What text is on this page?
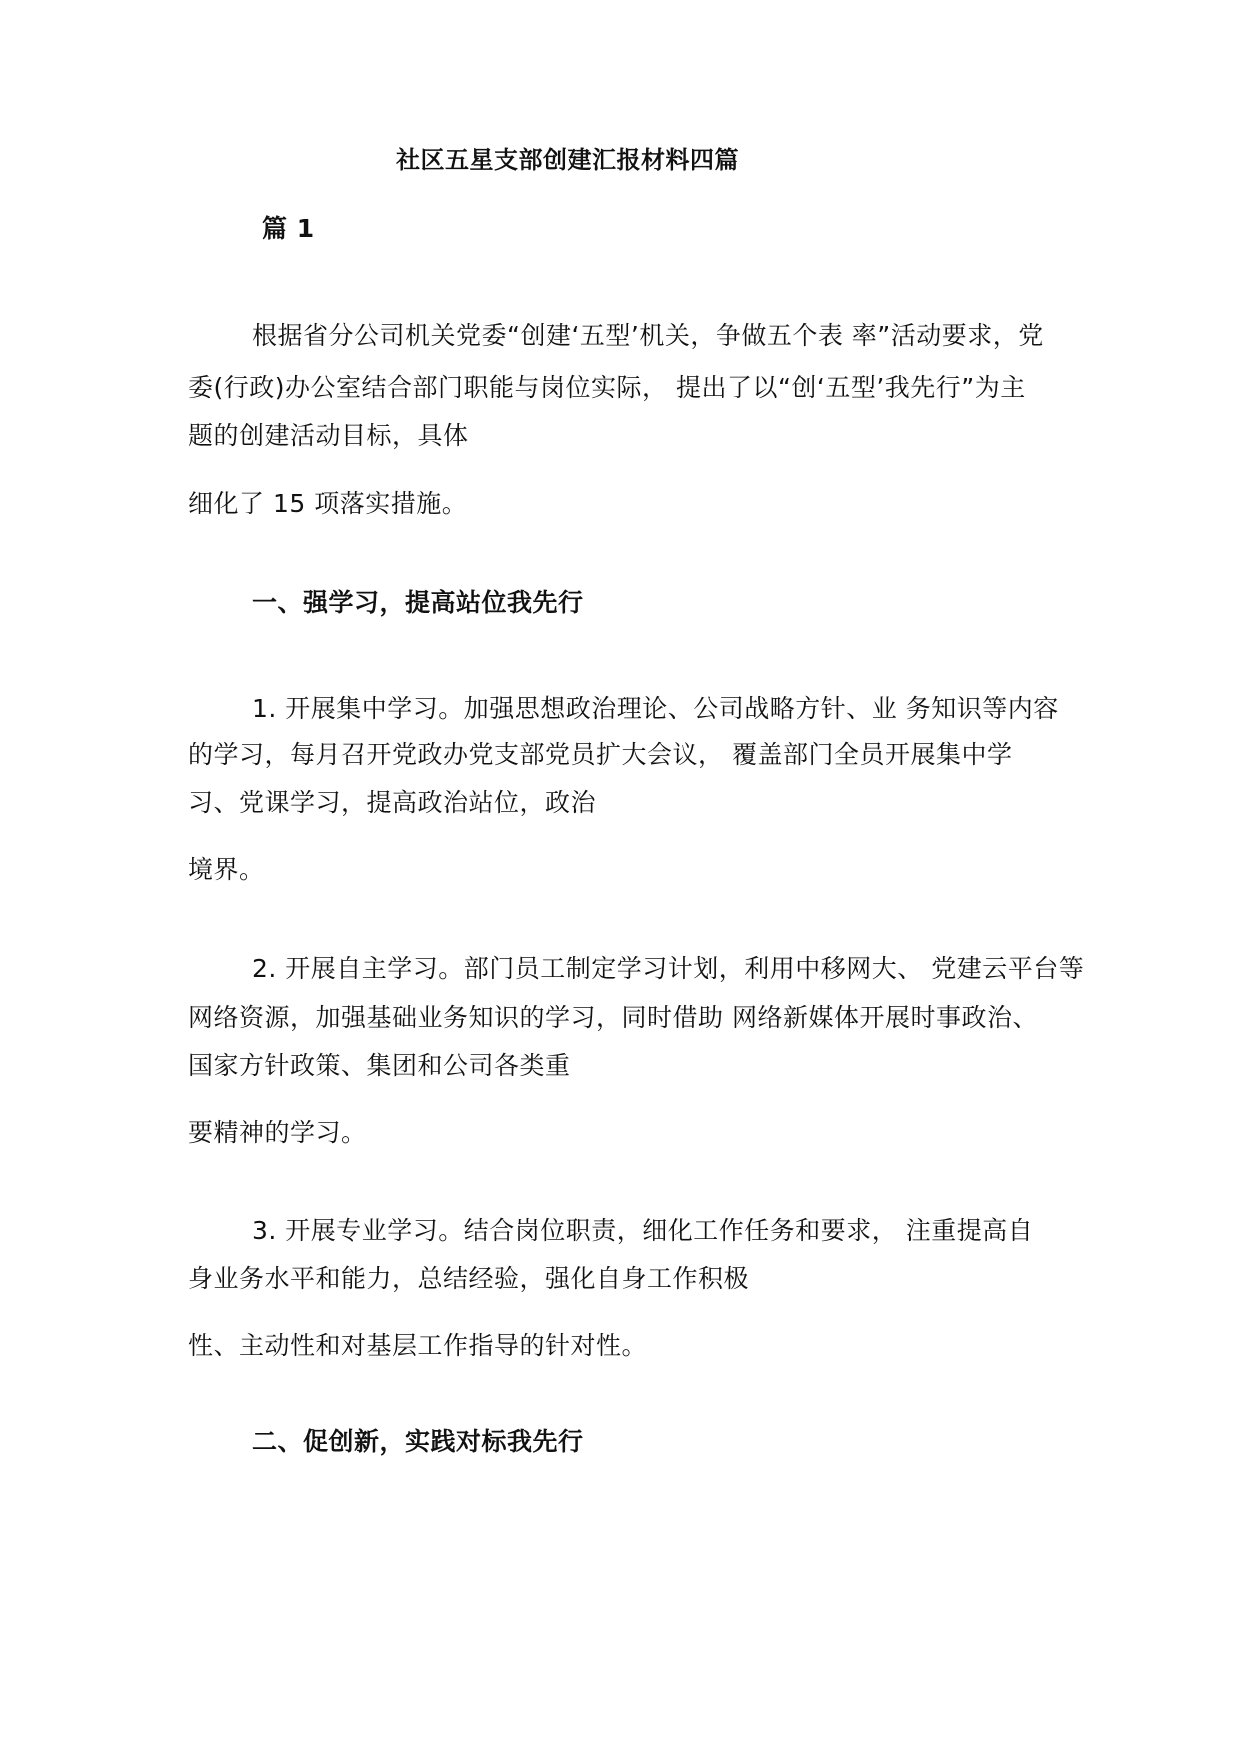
社区五星支部创建汇报材料四篇
篇 1
根据省分公司机关党委“创建‘五型’机关，争做五个表 率”活动要求，党
委(行政)办公室结合部门职能与岗位实际， 提出了以“创‘五型’我先行”为主
题的创建活动目标，具体
细化了 15 项落实措施。
一、强学习，提高站位我先行
1. 开展集中学习。加强思想政治理论、公司战略方针、业 务知识等内容
的学习，每月召开党政办党支部党员扩大会议， 覆盖部门全员开展集中学
习、党课学习，提高政治站位，政治
境界。
2. 开展自主学习。部门员工制定学习计划，利用中移网大、 党建云平台等
网络资源，加强基础业务知识的学习，同时借助 网络新媒体开展时事政治、
国家方针政策、集团和公司各类重
要精神的学习。
3. 开展专业学习。结合岗位职责，细化工作任务和要求， 注重提高自
身业务水平和能力，总结经验，强化自身工作积极
性、主动性和对基层工作指导的针对性。
二、促创新，实践对标我先行
